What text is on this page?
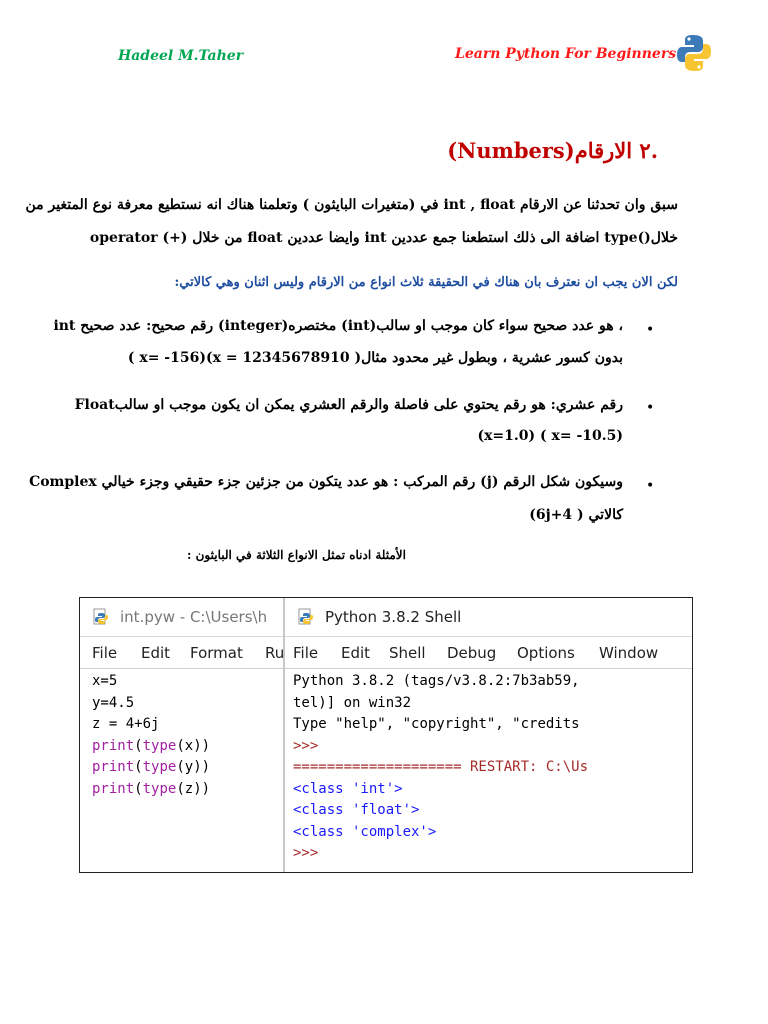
Hadeel M.Taher	Learn Python For Beginners
.٢ الارقام(Numbers)
سبق وان تحدثنا عن الارقام int , float في (متغيرات البايثون ) وتعلمنا هناك انه نستطيع معرفة نوع المتغير من
خلال()type اضافة الى ذلك استطعنا جمع عددين int وايضا عددين float من خلال (+) operator
لكن الان يجب ان نعترف بان هناك في الحقيقة ثلاث انواع من الارقام وليس اثنان وهي كالاتي:
•
int رقم صحيح: عدد صحيح (integer)مختصره (int)هو عدد صحيح سواء كان موجب او سالب ،
بدون كسور عشرية ، وبطول غير محدود مثال( x = 12345678910)(x= -156 )
•
Floatرقم عشري: هو رقم يحتوي على فاصلة والرقم العشري يمكن ان يكون موجب او سالب
(x=1.0) ( x= -10.5)
•
Complex رقم المركب : هو عدد يتكون من جزئين جزء حقيقي وجزء خيالي (j) وسيكون شكل الرقم
كالاتي ( 4+6j)
الأمثلة ادناه تمثل الانواع الثلاثة في البايثون :
int.pyw - C:\Users\h
File Edit Format Ru
x=5
y=4.5
z = 4+6j
print(type(x))
print(type(y))
print(type(z))
Python 3.8.2 Shell
File Edit Shell Debug Options Window
Python 3.8.2 (tags/v3.8.2:7b3ab59,
tel)] on win32
Type "help", "copyright", "credits
>>>
==================== RESTART: C:\Us
<class 'int'>
<class 'float'>
<class 'complex'>
>>>
